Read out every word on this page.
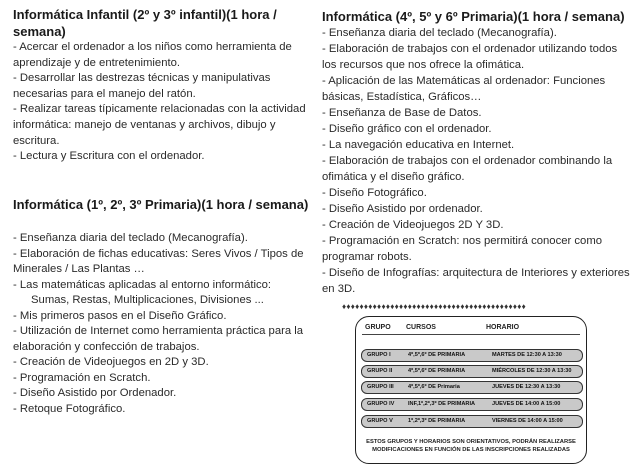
Informática Infantil (2º y 3º infantil)(1 hora / semana)

- Acercar el ordenador a los niños como herramienta de aprendizaje y de entretenimiento.

- Desarrollar las destrezas técnicas y manipulativas necesarias para el manejo del ratón.

- Realizar tareas típicamente relacionadas con la actividad informática: manejo de ventanas y archivos, dibujo y escritura.

- Lectura y Escritura con el ordenador.

Informática (1º, 2º, 3º Primaria)(1 hora / semana)

- Enseñanza diaria del teclado (Mecanografía).

- Elaboración de fichas educativas: Seres Vivos / Tipos de Minerales / Las Plantas …

- Las matemáticas aplicadas al entorno informático:

Sumas, Restas, Multiplicaciones, Divisiones ...

- Mis primeros pasos en el Diseño Gráfico.

- Utilización de Internet como herramienta práctica para la elaboración y confección de trabajos.

- Creación de Videojuegos en 2D y 3D.

- Programación en Scratch.

- Diseño Asistido por Ordenador.

- Retoque Fotográfico.

Informática (4º, 5º y 6º Primaria)(1 hora / semana)

- Enseñanza diaria del teclado (Mecanografía).

- Elaboración de trabajos con el ordenador utilizando todos los recursos que nos ofrece la ofimática.

- Aplicación de las Matemáticas al ordenador: Funciones básicas, Estadística, Gráficos…

- Enseñanza de Base de Datos.

- Diseño gráfico con el ordenador.

- La navegación educativa en Internet.

- Elaboración de trabajos con el ordenador combinando la ofimática y el diseño gráfico.

- Diseño Fotográfico.

- Diseño Asistido por ordenador.

- Creación de Videojuegos 2D Y 3D.

- Programación en Scratch: nos permitirá conocer como programar robots.

- Diseño de Infografías: arquitectura de Interiores y exteriores en 3D.

♦♦♦♦♦♦♦♦♦♦♦♦♦♦♦♦♦♦♦♦♦♦♦♦♦♦♦♦♦♦♦♦♦♦♦♦♦♦♦♦♦♦
GRUPO CURSOS	HORARIO
GRUPO I	4º,5º,6º DE PRIMARIA	MARTES DE 12:30 A 13:30
GRUPO II	4º,5º,6º DE PRIMARIA	MIÉRCOLES DE 12:30 A 13:30
GRUPO III	4º,5º,6º DE Primaria	JUEVES DE 12:30 A 13:30
GRUPO IV INF,1º,2º,3º DE PRIMARIA	JUEVES DE 14:00 A 15:00
GRUPO V	1º,2º,3º DE PRIMARIA	VIERNES DE 14:00 A 15:00
ESTOS GRUPOS Y HORARIOS SON ORIENTATIVOS, PODRÁN REALIZARSE
MODIFICACIONES EN FUNCIÓN DE LAS INSCRIPCIONES REALIZADAS
